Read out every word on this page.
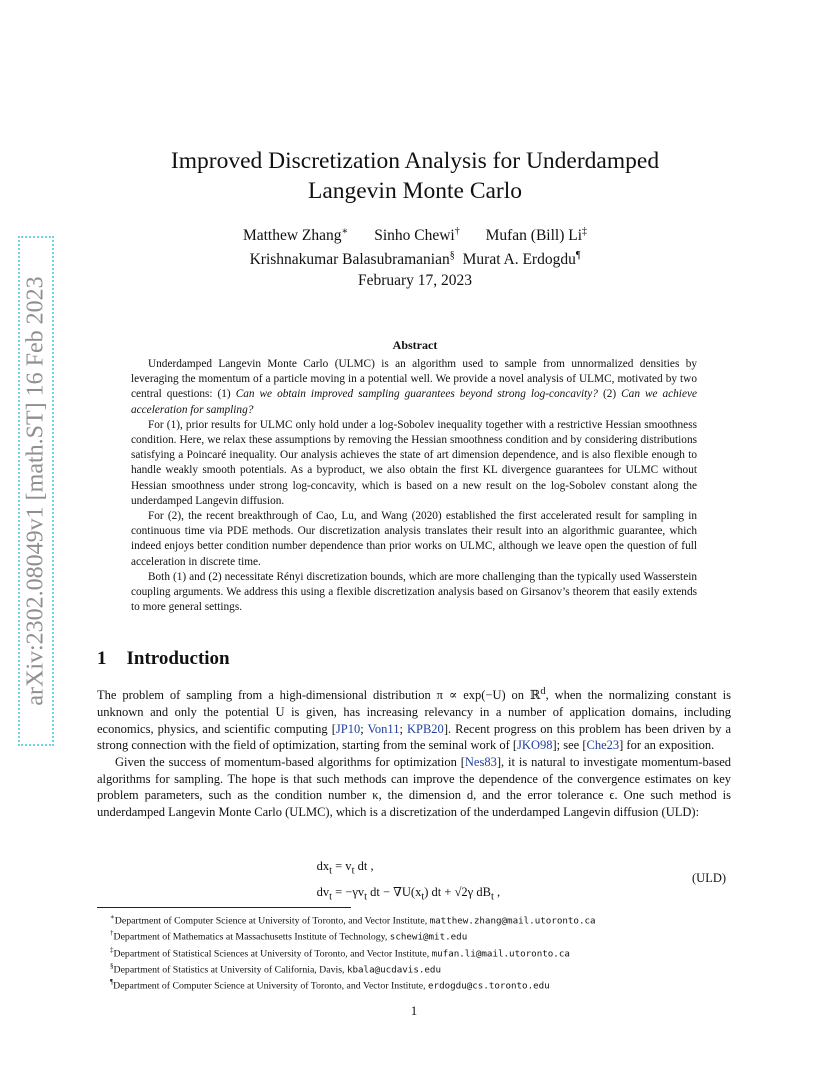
arXiv:2302.08049v1 [math.ST] 16 Feb 2023
Improved Discretization Analysis for Underdamped
Langevin Monte Carlo
Matthew Zhang∗ Sinho Chewi† Mufan (Bill) Li‡
Krishnakumar Balasubramanian§ Murat A. Erdogdu¶
February 17, 2023
Abstract

Underdamped Langevin Monte Carlo (ULMC) is an algorithm used to sample from unnormalized densities by leveraging the momentum of a particle moving in a potential well. We provide a novel analysis of ULMC, motivated by two central questions: (1) Can we obtain improved sampling guarantees beyond strong log-concavity? (2) Can we achieve acceleration for sampling?

For (1), prior results for ULMC only hold under a log-Sobolev inequality together with a restrictive Hessian smoothness condition. Here, we relax these assumptions by removing the Hessian smoothness condition and by considering distributions satisfying a Poincaré inequality. Our analysis achieves the state of art dimension dependence, and is also flexible enough to handle weakly smooth potentials. As a byproduct, we also obtain the first KL divergence guarantees for ULMC without Hessian smoothness under strong log-concavity, which is based on a new result on the log-Sobolev constant along the underdamped Langevin diffusion.

For (2), the recent breakthrough of Cao, Lu, and Wang (2020) established the first accelerated result for sampling in continuous time via PDE methods. Our discretization analysis translates their result into an algorithmic guarantee, which indeed enjoys better condition number dependence than prior works on ULMC, although we leave open the question of full acceleration in discrete time.

Both (1) and (2) necessitate Rényi discretization bounds, which are more challenging than the typically used Wasserstein coupling arguments. We address this using a flexible discretization analysis based on Girsanov’s theorem that easily extends to more general settings.

1 Introduction

The problem of sampling from a high-dimensional distribution π ∝ exp(−U) on ℝ$^d$, when the normalizing constant is unknown and only the potential U is given, has increasing relevancy in a number of application domains, including economics, physics, and scientific computing [JP10; Von11; KPB20]. Recent progress on this problem has been driven by a strong connection with the field of optimization, starting from the seminal work of [JKO98]; see [Che23] for an exposition.

Given the success of momentum-based algorithms for optimization [Nes83], it is natural to investigate momentum-based algorithms for sampling. The hope is that such methods can improve the dependence of the convergence estimates on key problem parameters, such as the condition number κ, the dimension d, and the error tolerance ϵ. One such method is underdamped Langevin Monte Carlo (ULMC), which is a discretization of the underdamped Langevin diffusion (ULD):

$dx_t = v_t$ dt ,
$dv_t = -\gamma v_t$ dt − $\nabla U(x_t)$ dt + √2γ $dB_t$ ,
(ULD)
∗Department of Computer Science at University of Toronto, and Vector Institute, matthew.zhang@mail.utoronto.ca
†Department of Mathematics at Massachusetts Institute of Technology, schewi@mit.edu
‡Department of Statistical Sciences at University of Toronto, and Vector Institute, mufan.li@mail.utoronto.ca
§Department of Statistics at University of California, Davis, kbala@ucdavis.edu
¶Department of Computer Science at University of Toronto, and Vector Institute, erdogdu@cs.toronto.edu
1
